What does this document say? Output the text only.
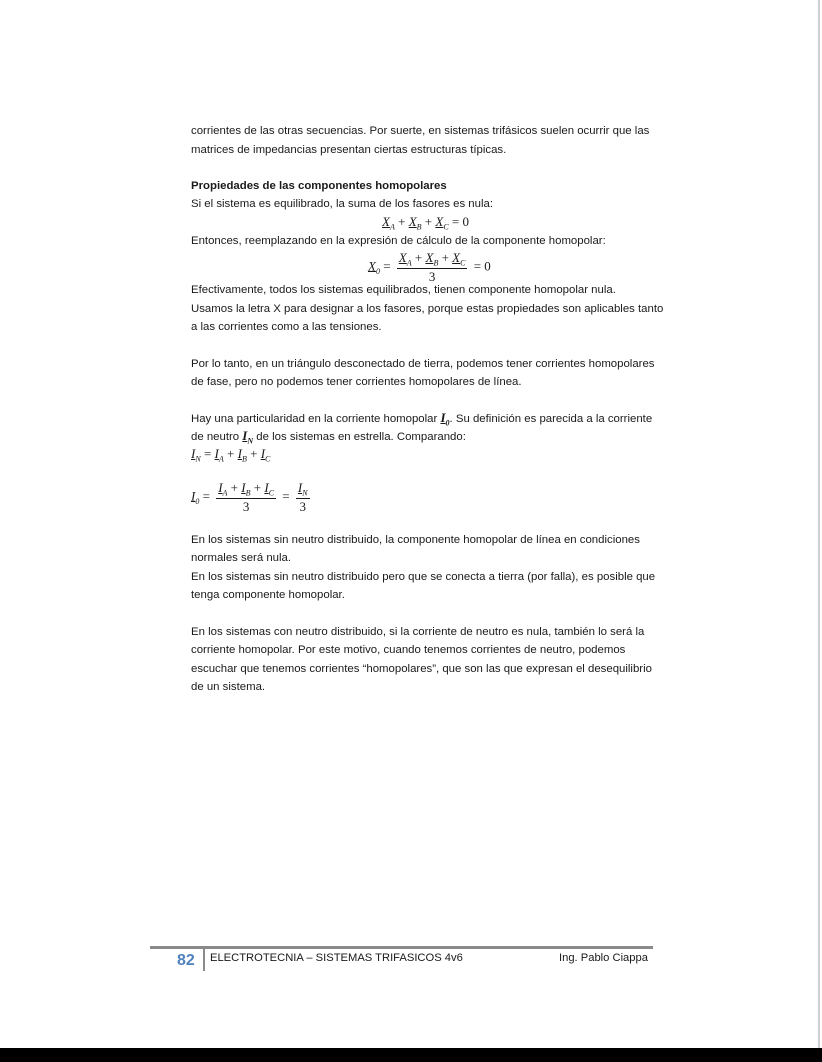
corrientes de las otras secuencias. Por suerte, en sistemas trifásicos suelen ocurrir que las
matrices de impedancias presentan ciertas estructuras típicas.
Propiedades de las componentes homopolares
Si el sistema es equilibrado, la suma de los fasores es nula:
$X_A + X_B + X_C = 0$
Entonces, reemplazando en la expresión de cálculo de la componente homopolar:
$X_0 = \frac{X_A + X_B + X_C}{3} = 0$
Efectivamente, todos los sistemas equilibrados, tienen componente homopolar nula.
Usamos la letra X para designar a los fasores, porque estas propiedades son aplicables tanto
a las corrientes como a las tensiones.
Por lo tanto, en un triángulo desconectado de tierra, podemos tener corrientes homopolares
de fase, pero no podemos tener corrientes homopolares de línea.
Hay una particularidad en la corriente homopolar $I_0$. Su definición es parecida a la corriente
de neutro $I_N$ de los sistemas en estrella. Comparando:
$I_N = I_A + I_B + I_C$
$I_0 = \frac{I_A + I_B + I_C}{3} = \frac{I_N}{3}$
En los sistemas sin neutro distribuido, la componente homopolar de línea en condiciones
normales será nula.
En los sistemas sin neutro distribuido pero que se conecta a tierra (por falla), es posible que
tenga componente homopolar.
En los sistemas con neutro distribuido, si la corriente de neutro es nula, también lo será la
corriente homopolar. Por este motivo, cuando tenemos corrientes de neutro, podemos
escuchar que tenemos corrientes “homopolares”, que son las que expresan el desequilibrio
de un sistema.
82 ELECTROTECNIA – SISTEMAS TRIFASICOS 4v6	Ing. Pablo Ciappa
